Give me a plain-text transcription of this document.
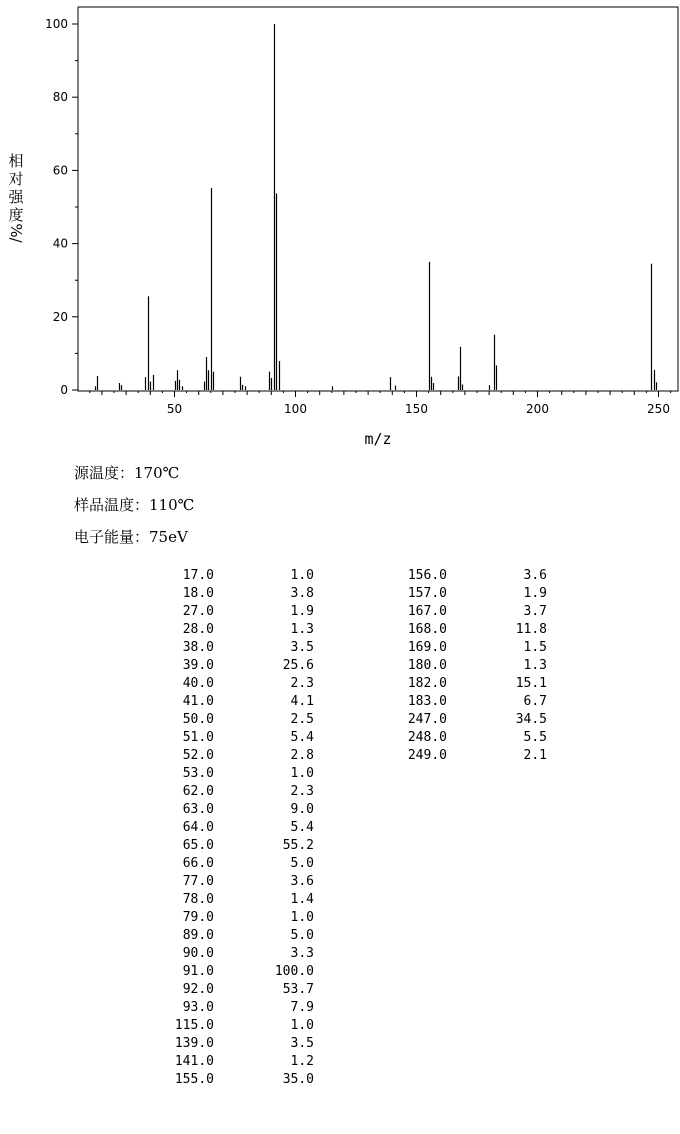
0
20
40
60
80
100
50	100	150	200	250
m/z
相
对
强
度
%/
源温度：170℃
样品温度：110℃
电子能量：75eV
17.0	1.0
18.0	3.8
27.0	1.9
28.0	1.3
38.0	3.5
39.0	25.6
40.0	2.3
41.0	4.1
50.0	2.5
51.0	5.4
52.0	2.8
53.0	1.0
62.0	2.3
63.0	9.0
64.0	5.4
65.0	55.2
66.0	5.0
77.0	3.6
78.0	1.4
79.0	1.0
89.0	5.0
90.0	3.3
91.0	100.0
92.0	53.7
93.0	7.9
115.0	1.0
139.0	3.5
141.0	1.2
155.0	35.0
156.0	3.6
157.0	1.9
167.0	3.7
168.0	11.8
169.0	1.5
180.0	1.3
182.0	15.1
183.0	6.7
247.0	34.5
248.0	5.5
249.0	2.1
